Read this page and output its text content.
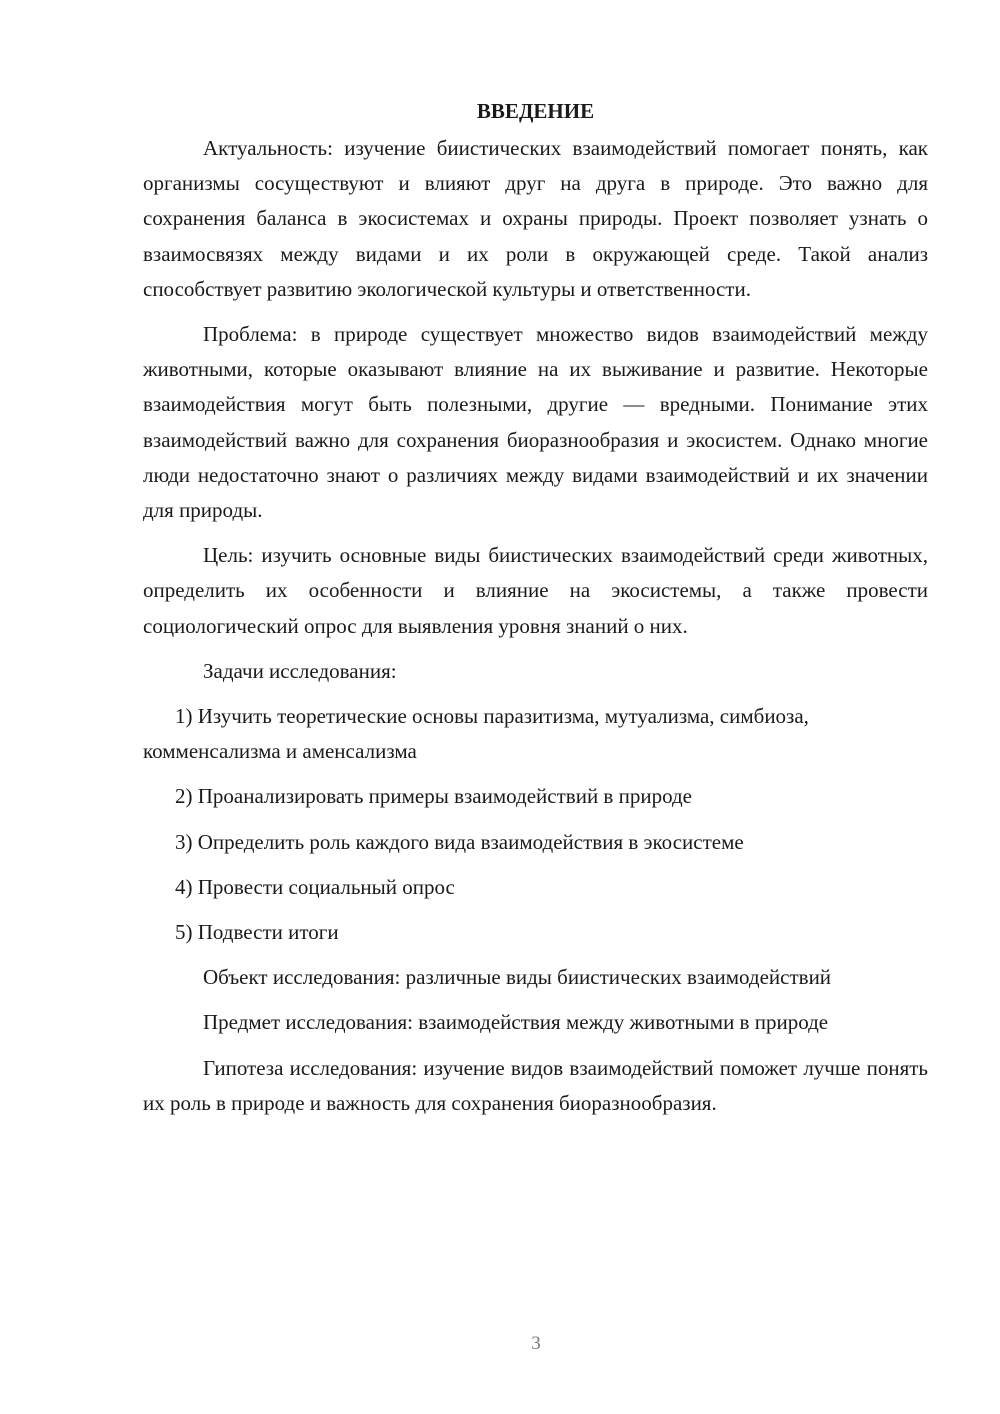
ВВЕДЕНИЕ

Актуальность: изучение биистических взаимодействий помогает понять, как организмы сосуществуют и влияют друг на друга в природе. Это важно для сохранения баланса в экосистемах и охраны природы. Проект позволяет узнать о взаимосвязях между видами и их роли в окружающей среде. Такой анализ способствует развитию экологической культуры и ответственности.

Проблема: в природе существует множество видов взаимодействий между животными, которые оказывают влияние на их выживание и развитие. Некоторые взаимодействия могут быть полезными, другие — вредными. Понимание этих взаимодействий важно для сохранения биоразнообразия и экосистем. Однако многие люди недостаточно знают о различиях между видами взаимодействий и их значении для природы.

Цель: изучить основные виды биистических взаимодействий среди животных, определить их особенности и влияние на экосистемы, а также провести социологический опрос для выявления уровня знаний о них.

Задачи исследования:

1) Изучить теоретические основы паразитизма, мутуализма, симбиоза, комменсализма и аменсализма

2) Проанализировать примеры взаимодействий в природе

3) Определить роль каждого вида взаимодействия в экосистеме

4) Провести социальный опрос

5) Подвести итоги

Объект исследования: различные виды биистических взаимодействий

Предмет исследования: взаимодействия между животными в природе

Гипотеза исследования: изучение видов взаимодействий поможет лучше понять их роль в природе и важность для сохранения биоразнообразия.

3
